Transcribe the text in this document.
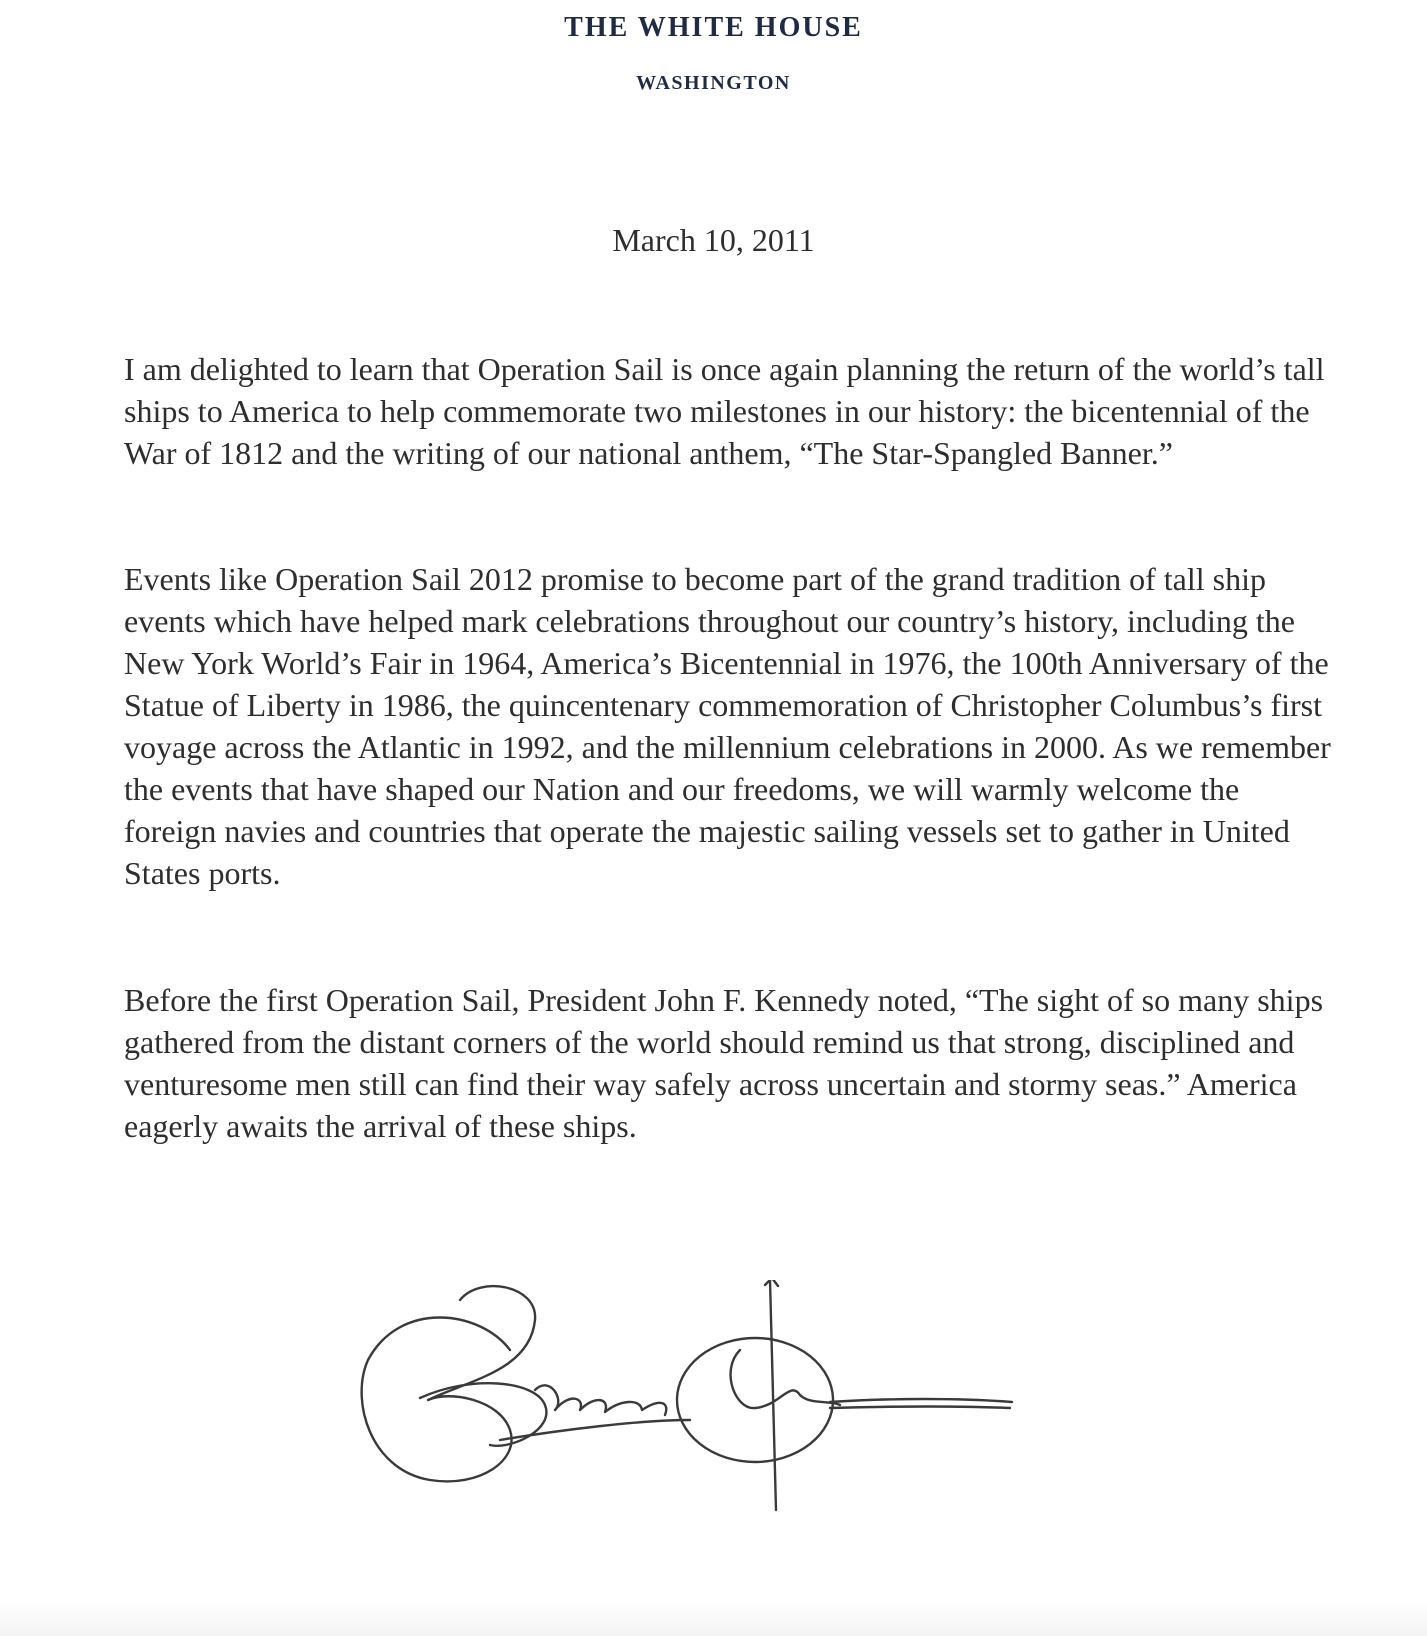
THE WHITE HOUSE
WASHINGTON
March 10, 2011

I am delighted to learn that Operation Sail is once again planning the return of the world’s tall ships to America to help commemorate two milestones in our history: the bicentennial of the War of 1812 and the writing of our national anthem, “The Star-Spangled Banner.”

Events like Operation Sail 2012 promise to become part of the grand tradition of tall ship events which have helped mark celebrations throughout our country’s history, including the New York World’s Fair in 1964, America’s Bicentennial in 1976, the 100th Anniversary of the Statue of Liberty in 1986, the quincentenary commemoration of Christopher Columbus’s first voyage across the Atlantic in 1992, and the millennium celebrations in 2000. As we remember the events that have shaped our Nation and our freedoms, we will warmly welcome the foreign navies and countries that operate the majestic sailing vessels set to gather in United States ports.

Before the first Operation Sail, President John F. Kennedy noted, “The sight of so many ships gathered from the distant corners of the world should remind us that strong, disciplined and venturesome men still can find their way safely across uncertain and stormy seas.” America eagerly awaits the arrival of these ships.
